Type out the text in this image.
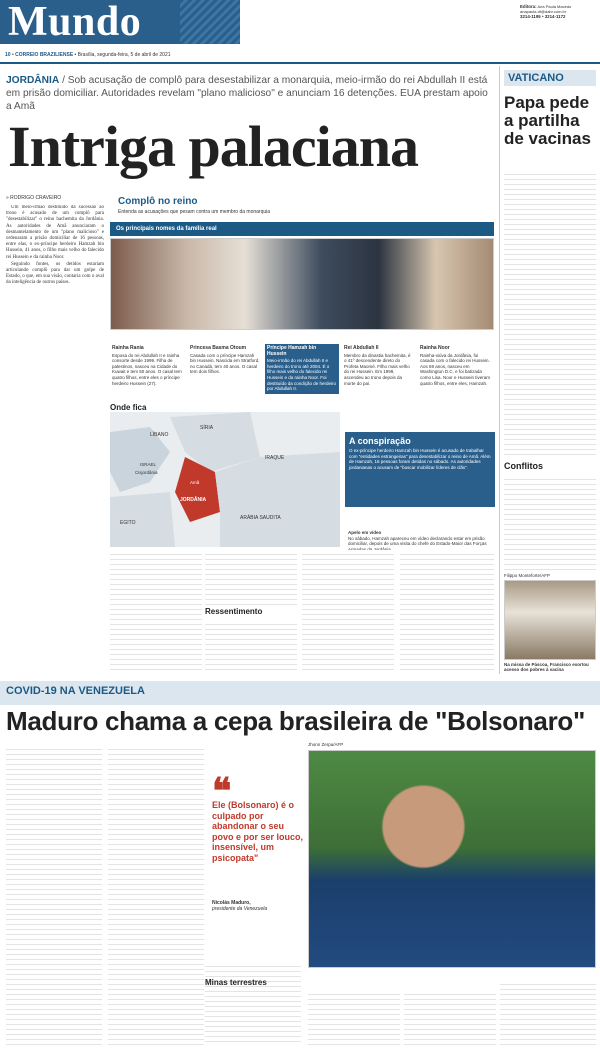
Mundo	Editora: Ana Paula Macedo
anapaula.df@dabr.com.br
3214-1195 • 3214-1172
10 • CORREIO BRAZILIENSE • Brasília, segunda-feira, 5 de abril de 2021
JORDÂNIA / Sob acusação de complô para desestabilizar a monarquia, meio-irmão do rei Abdullah II está em prisão domiciliar. Autoridades revelam "plano malicioso" e anunciam 16 detenções. EUA prestam apoio a Amã
Intriga palaciana
» RODRIGO CRAVEIRO

Um meio-irmão destituído da sucessão ao trono é acusado de um complô para "desestabilizar" o reino hachemita da Jordânia. As autoridades de Amã anunciaram o desmantelamento de um "plano malicioso" e ordenaram a prisão domiciliar de 16 pessoas, entre elas, o ex-príncipe herdeiro Hamzah bin Hussein, 41 anos, o filho mais velho do falecido rei Hussein e da rainha Noor.

Seguindo fontes, os detidos estariam articulando complô para dar um golpe de Estado, o que, em sua visão, contaria com o aval da inteligência de outros países.

Complô no reino
Entenda as acusações que pesam contra um membro da monarquia
Os principais nomes da família real
Rainha Rania
Esposa do rei Abdullah II e rainha consorte desde 1999. Filha de palestinos, nasceu na Cidade do Kuwait e tem 50 anos. O casal tem quatro filhos, entre eles o príncipe herdeiro Hussein (27).
Princesa Basma Otoum
Casada com o príncipe Hamzah bin Hussein. Nascida em Stratford, no Canadá, tem 40 anos. O casal tem dois filhos.
Príncipe Hamzah bin Hussein
Meio-irmão do rei Abdullah II e herdeiro do trono até 2004. É o filho mais velho do falecido rei Hussein e da rainha Noor. Foi destituído da condição de herdeiro por Abdullah II.
Rei Abdullah II
Membro da dinastia hachemita, é o 41º descendente direto do Profeta Maomé. Filho mais velho do rei Hussein. Em 1999, ascendeu ao trono depois da morte do pai.
Rainha Noor
Rainha-viúva da Jordânia, foi casada com o falecido rei Hussein. Aos 69 anos, nasceu em Washington D.C. e foi batizada como Lisa. Noor e Hussein tiveram quatro filhos, entre eles, Hamzah.
Onde fica
LÍBANO
SÍRIA
ISRAEL
Cisjordânia
JORDÂNIA
IRAQUE
EGITO
ARÁBIA SAUDITA
Amã
A conspiração
O ex-príncipe herdeiro Hamzah bin Hussein é acusado de trabalhar com "entidades estrangeiras" para desestabilizar o reino de Amã. Além de Hamzah, 16 pessoas foram detidas no sábado. As autoridades jordanianas o acusam de "buscar mobilizar líderes de clãs".
Apelo em vídeo
No sábado, Hamzah apareceu em vídeo declarando estar em prisão domiciliar, depois de uma visita do chefe do Estado-Maior das Forças
Ressentimento
VATICANO
Papa pede a partilha de vacinas
Conflitos
Filippo Monteforte/AFP
Na missa de Páscoa, Francisco exortou acesso dos pobres à vacina
COVID-19 NA VENEZUELA
Maduro chama a cepa brasileira de "Bolsonaro"
❝
Ele (Bolsonaro) é o culpado por abandonar o seu povo e por ser louco, insensível, um psicopata"
Nicolás Maduro,
presidente da Venezuela
Jhonn Zerpa/AFP
Minas terrestres
